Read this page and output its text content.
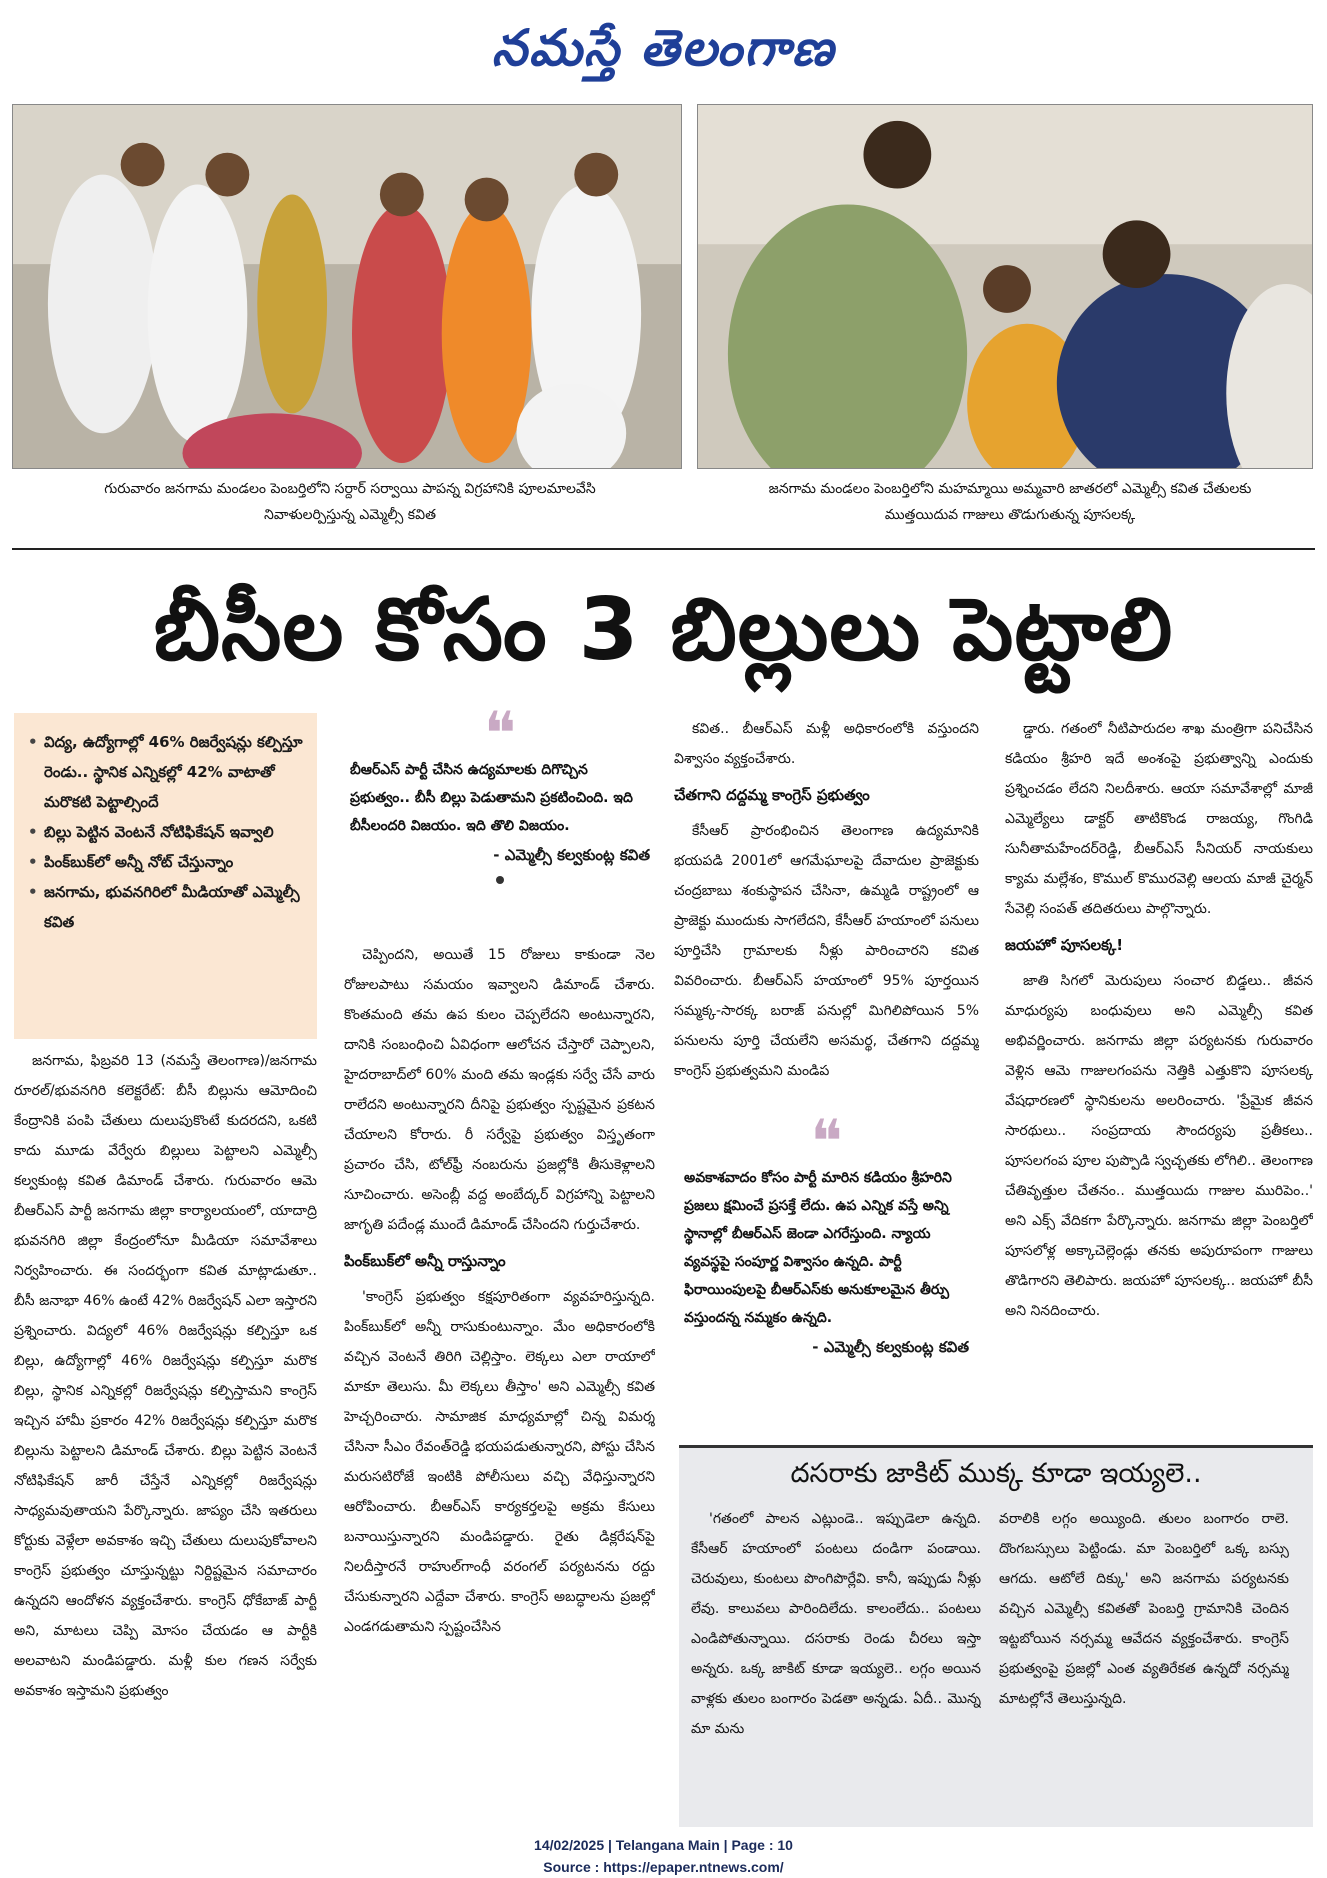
నమస్తే తెలంగాణ
గురువారం జనగామ మండలం పెంబర్తిలోని సర్దార్ సర్వాయి పాపన్న విగ్రహానికి పూలమాలవేసి నివాళులర్పిస్తున్న ఎమ్మెల్సీ కవిత
జనగామ మండలం పెంబర్తిలోని మహమ్మాయి అమ్మవారి జాతరలో ఎమ్మెల్సీ కవిత చేతులకు ముత్తయిదువ గాజులు తొడుగుతున్న పూసలక్క
బీసీల కోసం 3 బిల్లులు పెట్టాలి
• విద్య, ఉద్యోగాల్లో 46% రిజర్వేషన్లు కల్పిస్తూ రెండు.. స్థానిక ఎన్నికల్లో 42% వాటాతో మరొకటి పెట్టాల్సిందే
• బిల్లు పెట్టిన వెంటనే నోటిఫికేషన్ ఇవ్వాలి
• పింక్‌బుక్‌లో అన్నీ నోట్ చేస్తున్నాం
• జనగామ, భువనగిరిలో మీడియాతో ఎమ్మెల్సీ కవిత

జనగామ, ఫిబ్రవరి 13 (నమస్తే తెలంగాణ)/జనగామ రూరల్/భువనగిరి కలెక్టరేట్: బీసీ బిల్లును ఆమోదించి కేంద్రానికి పంపి చేతులు దులుపుకొంటే కుదరదని, ఒకటి కాదు మూడు వేర్వేరు బిల్లులు పెట్టాలని ఎమ్మెల్సీ కల్వకుంట్ల కవిత డిమాండ్ చేశారు. గురువారం ఆమె బీఆర్ఎస్ పార్టీ జనగామ జిల్లా కార్యాలయంలో, యాదాద్రి భువనగిరి జిల్లా కేంద్రంలోనూ మీడియా సమావేశాలు నిర్వహించారు. ఈ సందర్భంగా కవిత మాట్లాడుతూ.. బీసీ జనాభా 46% ఉంటే 42% రిజర్వేషన్ ఎలా ఇస్తారని ప్రశ్నించారు. విద్యలో 46% రిజర్వేషన్లు కల్పిస్తూ ఒక బిల్లు, ఉద్యోగాల్లో 46% రిజర్వేషన్లు కల్పిస్తూ మరొక బిల్లు, స్థానిక ఎన్నికల్లో రిజర్వేషన్లు కల్పిస్తామని కాంగ్రెస్ ఇచ్చిన హామీ ప్రకారం 42% రిజర్వేషన్లు కల్పిస్తూ మరొక బిల్లును పెట్టాలని డిమాండ్ చేశారు. బిల్లు పెట్టిన వెంటనే నోటిఫికేషన్ జారీ చేస్తేనే ఎన్నికల్లో రిజర్వేషన్లు సాధ్యమవుతాయని పేర్కొన్నారు. జాప్యం చేసి ఇతరులు కోర్టుకు వెళ్లేలా అవకాశం ఇచ్చి చేతులు దులుపుకోవాలని కాంగ్రెస్ ప్రభుత్వం చూస్తున్నట్టు నిర్దిష్టమైన సమాచారం ఉన్నదని ఆందోళన వ్యక్తంచేశారు. కాంగ్రెస్ ధోకేబాజ్ పార్టీ అని, మాటలు చెప్పి మోసం చేయడం ఆ పార్టీకి అలవాటని మండిపడ్డారు. మళ్లీ కుల గణన సర్వేకు అవకాశం ఇస్తామని ప్రభుత్వం

❝
బీఆర్ఎస్ పార్టీ చేసిన ఉద్యమాలకు దిగొచ్చిన ప్రభుత్వం.. బీసీ బిల్లు పెడుతామని ప్రకటించింది. ఇది బీసీలందరి విజయం. ఇది తొలి విజయం.
- ఎమ్మెల్సీ కల్వకుంట్ల కవిత

చెప్పిందని, అయితే 15 రోజులు కాకుండా నెల రోజులపాటు సమయం ఇవ్వాలని డిమాండ్ చేశారు. కొంతమంది తమ ఉప కులం చెప్పలేదని అంటున్నారని, దానికి సంబంధించి ఏవిధంగా ఆలోచన చేస్తారో చెప్పాలని, హైదరాబాద్‌లో 60% మంది తమ ఇండ్లకు సర్వే చేసే వారు రాలేదని అంటున్నారని దీనిపై ప్రభుత్వం స్పష్టమైన ప్రకటన చేయాలని కోరారు. రీ సర్వేపై ప్రభుత్వం విస్తృతంగా ప్రచారం చేసి, టోల్‌ఫ్రీ నంబరును ప్రజల్లోకి తీసుకెళ్లాలని సూచించారు. అసెంబ్లీ వద్ద అంబేద్కర్ విగ్రహాన్ని పెట్టాలని జాగృతి పదేండ్ల ముందే డిమాండ్ చేసిందని గుర్తుచేశారు.

పింక్‌బుక్‌లో అన్నీ రాస్తున్నాం

'కాంగ్రెస్ ప్రభుత్వం కక్షపూరితంగా వ్యవహరిస్తున్నది. పింక్‌బుక్‌లో అన్నీ రాసుకుంటున్నాం. మేం అధికారంలోకి వచ్చిన వెంటనే తిరిగి చెల్లిస్తాం. లెక్కలు ఎలా రాయాలో మాకూ తెలుసు. మీ లెక్కలు తీస్తాం' అని ఎమ్మెల్సీ కవిత హెచ్చరించారు. సామాజిక మాధ్యమాల్లో చిన్న విమర్శ చేసినా సీఎం రేవంత్‌రెడ్డి భయపడుతున్నారని, పోస్టు చేసిన మరుసటిరోజే ఇంటికి పోలీసులు వచ్చి వేధిస్తున్నారని ఆరోపించారు. బీఆర్ఎస్ కార్యకర్తలపై అక్రమ కేసులు బనాయిస్తున్నారని మండిపడ్డారు. రైతు డిక్లరేషన్‌పై నిలదీస్తారనే రాహుల్‌గాంధీ వరంగల్ పర్యటనను రద్దు చేసుకున్నారని ఎద్దేవా చేశారు. కాంగ్రెస్ అబద్ధాలను ప్రజల్లో ఎండగడుతామని స్పష్టంచేసిన

కవిత.. బీఆర్ఎస్ మళ్లీ అధికారంలోకి వస్తుందని విశ్వాసం వ్యక్తంచేశారు.

చేతగాని దద్దమ్మ కాంగ్రెస్ ప్రభుత్వం

కేసీఆర్ ప్రారంభించిన తెలంగాణ ఉద్యమానికి భయపడి 2001లో ఆగమేఘాలపై దేవాదుల ప్రాజెక్టుకు చంద్రబాబు శంకుస్థాపన చేసినా, ఉమ్మడి రాష్ట్రంలో ఆ ప్రాజెక్టు ముందుకు సాగలేదని, కేసీఆర్ హయాంలో పనులు పూర్తిచేసి గ్రామాలకు నీళ్లు పారించారని కవిత వివరించారు. బీఆర్ఎస్ హయాంలో 95% పూర్తయిన సమ్మక్క-సారక్క బరాజ్ పనుల్లో మిగిలిపోయిన 5% పనులను పూర్తి చేయలేని అసమర్థ, చేతగాని దద్దమ్మ కాంగ్రెస్ ప్రభుత్వమని మండిప

❝
అవకాశవాదం కోసం పార్టీ మారిన కడియం శ్రీహరిని ప్రజలు క్షమించే ప్రసక్తే లేదు. ఉప ఎన్నిక వస్తే అన్ని స్థానాల్లో బీఆర్ఎస్ జెండా ఎగరేస్తుంది. న్యాయ వ్యవస్థపై సంపూర్ణ విశ్వాసం ఉన్నది. పార్టీ ఫిరాయింపులపై బీఆర్ఎస్‌కు అనుకూలమైన తీర్పు వస్తుందన్న నమ్మకం ఉన్నది.
- ఎమ్మెల్సీ కల్వకుంట్ల కవిత

డ్డారు. గతంలో నీటిపారుదల శాఖ మంత్రిగా పనిచేసిన కడియం శ్రీహరి ఇదే అంశంపై ప్రభుత్వాన్ని ఎందుకు ప్రశ్నించడం లేదని నిలదీశారు. ఆయా సమావేశాల్లో మాజీ ఎమ్మెల్యేలు డాక్టర్ తాటికొండ రాజయ్య, గొంగిడి సునీతామహేందర్‌రెడ్డి, బీఆర్ఎస్ సీనియర్ నాయకులు క్యామ మల్లేశం, కొముల్ కొమురవెల్లి ఆలయ మాజీ చైర్మన్ సేవెల్లి సంపత్ తదితరులు పాల్గొన్నారు.

జయహో పూసలక్క!

జాతి సిగలో మెరుపులు సంచార బిడ్డలు.. జీవన మాధుర్యపు బంధువులు అని ఎమ్మెల్సీ కవిత అభివర్ణించారు. జనగామ జిల్లా పర్యటనకు గురువారం వెళ్లిన ఆమె గాజులగంపను నెత్తికి ఎత్తుకొని పూసలక్క వేషధారణలో స్థానికులను అలరించారు. 'ప్రేమైక జీవన సారథులు.. సంప్రదాయ సౌందర్యపు ప్రతీకలు.. పూసలగంప పూల పుప్పొడి స్వచ్ఛతకు లోగిలి.. తెలంగాణ చేతివృత్తుల చేతనం.. ముత్తయిదు గాజుల మురిపెం..' అని ఎక్స్ వేదికగా పేర్కొన్నారు. జనగామ జిల్లా పెంబర్తిలో పూసలోళ్ల అక్కాచెల్లెండ్లు తనకు అపురూపంగా గాజులు తొడిగారని తెలిపారు. జయహో పూసలక్క.. జయహో బీసీ అని నినదించారు.

దసరాకు జాకిట్ ముక్క కూడా ఇయ్యలె..
'గతంలో పాలన ఎట్లుండె.. ఇప్పుడెలా ఉన్నది. కేసీఆర్ హయాంలో పంటలు దండిగా పండాయి. చెరువులు, కుంటలు పొంగిపొర్లేవి. కానీ, ఇప్పుడు నీళ్లు లేవు. కాలువలు పారిందిలేదు. కాలంలేదు.. పంటలు ఎండిపోతున్నాయి. దసరాకు రెండు చీరలు ఇస్తా అన్నరు. ఒక్క జాకిట్ కూడా ఇయ్యలె.. లగ్గం అయిన వాళ్లకు తులం బంగారం పెడతా అన్నడు. ఏదీ.. మొన్న మా మను
వరాలికి లగ్గం అయ్యింది. తులం బంగారం రాలె. దొంగబస్సులు పెట్టిండు. మా పెంబర్తిలో ఒక్క బస్సు ఆగదు. ఆటోలే దిక్కు' అని జనగామ పర్యటనకు వచ్చిన ఎమ్మెల్సీ కవితతో పెంబర్తి గ్రామానికి చెందిన ఇట్టబోయిన నర్సమ్మ ఆవేదన వ్యక్తంచేశారు. కాంగ్రెస్ ప్రభుత్వంపై ప్రజల్లో ఎంత వ్యతిరేకత ఉన్నదో నర్సమ్మ మాటల్లోనే తెలుస్తున్నది.
14/02/2025 | Telangana Main | Page : 10
Source : https://epaper.ntnews.com/
